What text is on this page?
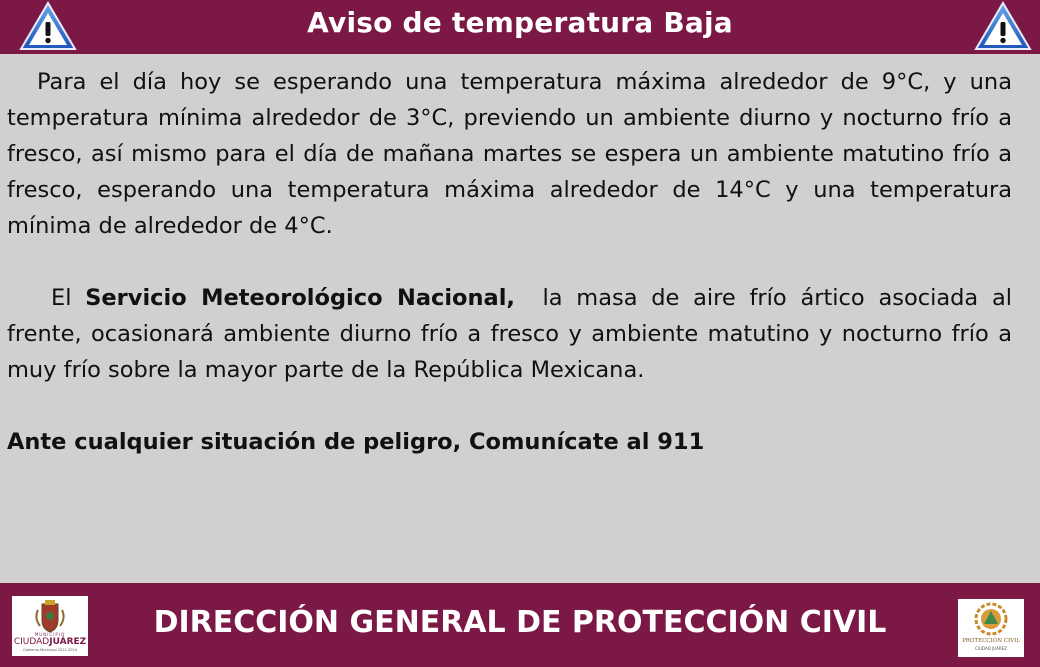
Aviso de temperatura Baja

Para el día hoy se esperando una temperatura máxima alrededor de 9°C, y una temperatura mínima alrededor de 3°C, previendo un ambiente diurno y nocturno frío a fresco, así mismo para el día de mañana martes se espera un ambiente matutino frío a fresco, esperando una temperatura máxima alrededor de 14°C y una temperatura mínima de alrededor de 4°C.

El Servicio Meteorológico Nacional,  la masa de aire frío ártico asociada al frente, ocasionará ambiente diurno frío a fresco y ambiente matutino y nocturno frío a muy frío sobre la mayor parte de la República Mexicana.

Ante cualquier situación de peligro, Comunícate al 911

MUNICIPIO
CIUDADJUÁREZ
Gobierno Municipal 2021-2024
DIRECCIÓN GENERAL DE PROTECCIÓN CIVIL
PROTECCIÓN CIVIL
CIUDAD JUÁREZ
